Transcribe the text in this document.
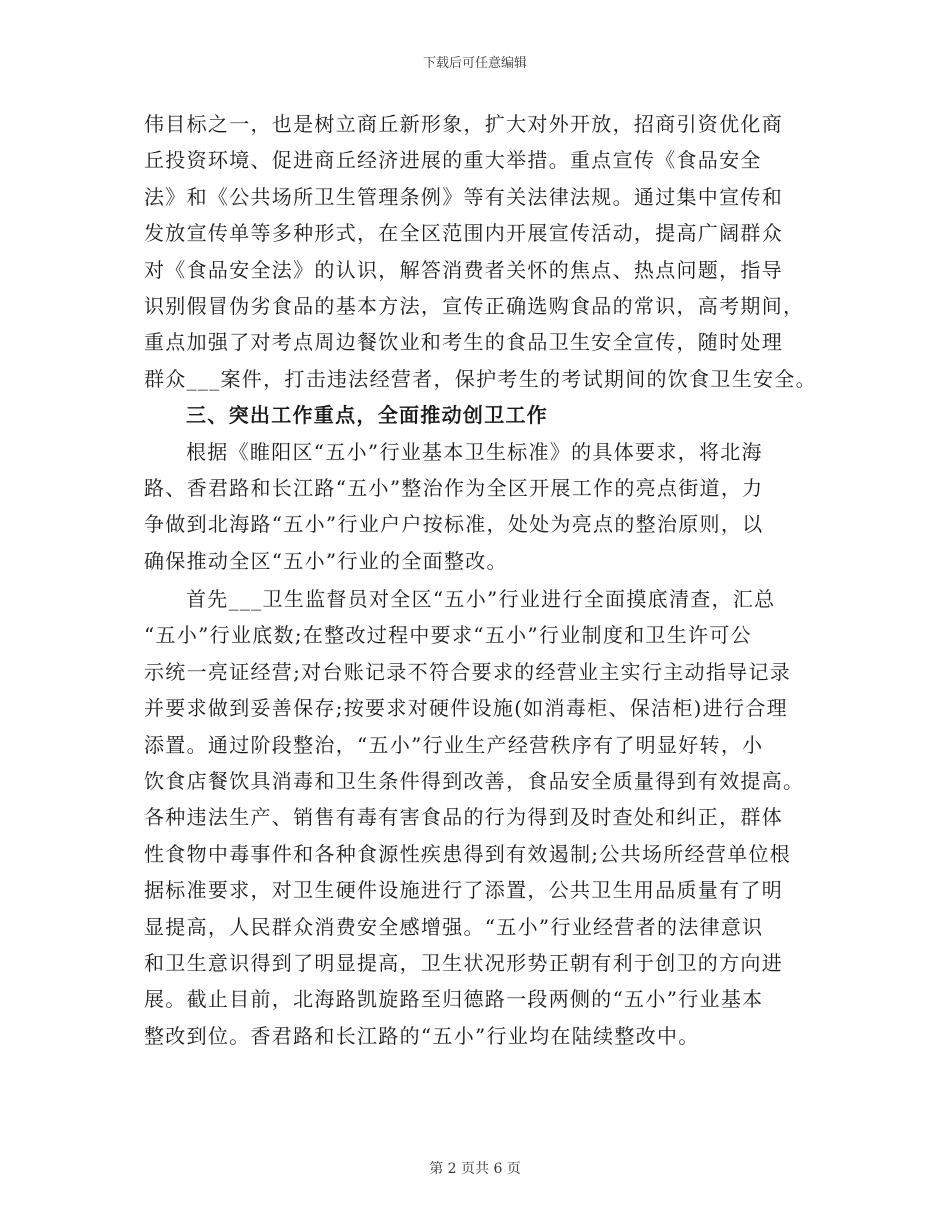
下载后可任意编辑
伟目标之一，也是树立商丘新形象，扩大对外开放，招商引资优化商
丘投资环境、促进商丘经济进展的重大举措。重点宣传《食品安全
法》和《公共场所卫生管理条例》等有关法律法规。通过集中宣传和
发放宣传单等多种形式，在全区范围内开展宣传活动，提高广阔群众
对《食品安全法》的认识，解答消费者关怀的焦点、热点问题，指导
识别假冒伪劣食品的基本方法，宣传正确选购食品的常识，高考期间，
重点加强了对考点周边餐饮业和考生的食品卫生安全宣传，随时处理
群众___案件，打击违法经营者，保护考生的考试期间的饮食卫生安全。
三、突出工作重点，全面推动创卫工作
根据《睢阳区“五小”行业基本卫生标准》的具体要求，将北海
路、香君路和长江路“五小”整治作为全区开展工作的亮点街道，力
争做到北海路“五小”行业户户按标准，处处为亮点的整治原则，以
确保推动全区“五小”行业的全面整改。
首先___卫生监督员对全区“五小”行业进行全面摸底清查，汇总
“五小”行业底数;在整改过程中要求“五小”行业制度和卫生许可公
示统一亮证经营;对台账记录不符合要求的经营业主实行主动指导记录
并要求做到妥善保存;按要求对硬件设施(如消毒柜、保洁柜)进行合理
添置。通过阶段整治，“五小”行业生产经营秩序有了明显好转，小
饮食店餐饮具消毒和卫生条件得到改善，食品安全质量得到有效提高。
各种违法生产、销售有毒有害食品的行为得到及时查处和纠正，群体
性食物中毒事件和各种食源性疾患得到有效遏制;公共场所经营单位根
据标准要求，对卫生硬件设施进行了添置，公共卫生用品质量有了明
显提高，人民群众消费安全感增强。“五小”行业经营者的法律意识
和卫生意识得到了明显提高，卫生状况形势正朝有利于创卫的方向进
展。截止目前，北海路凯旋路至归德路一段两侧的“五小”行业基本
整改到位。香君路和长江路的“五小”行业均在陆续整改中。
第 2 页共 6 页
